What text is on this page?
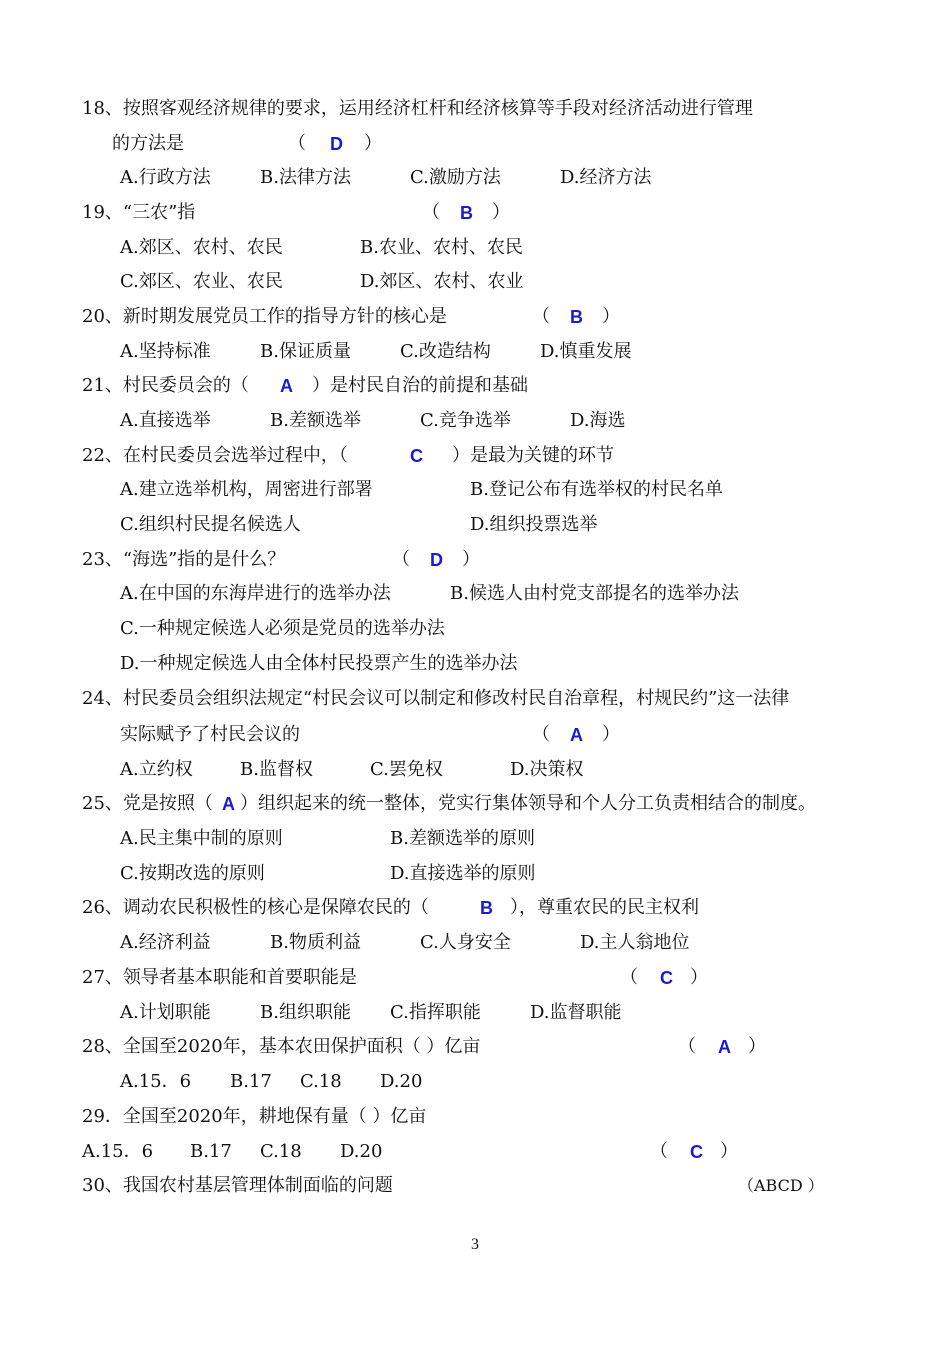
18、按照客观经济规律的要求，运用经济杠杆和经济核算等手段对经济活动进行管理
的方法是	（ D ）
A.行政方法	B.法律方法	C.激励方法	D.经济方法
19、“三农”指	（ B ）
A.郊区、农村、农民	B.农业、农村、农民
C.郊区、农业、农民	D.郊区、农村、农业
20、新时期发展党员工作的指导方针的核心是	（ B ）
A.坚持标准	B.保证质量	C.改造结构	D.慎重发展
21、村民委员会的（ A ）是村民自治的前提和基础
A.直接选举	B.差额选举	C.竞争选举	D.海选
22、在村民委员会选举过程中，（	C ）是最为关键的环节
A.建立选举机构，周密进行部署	B.登记公布有选举权的村民名单
C.组织村民提名候选人	D.组织投票选举
23、“海选”指的是什么？	（ D ）
A.在中国的东海岸进行的选举办法	B.候选人由村党支部提名的选举办法
C.一种规定候选人必须是党员的选举办法
D.一种规定候选人由全体村民投票产生的选举办法
24、村民委员会组织法规定“村民会议可以制定和修改村民自治章程，村规民约”这一法律
实际赋予了村民会议的	（ A ）
A.立约权	B.监督权	C.罢免权	D.决策权
25、党是按照（ A ）组织起来的统一整体，党实行集体领导和个人分工负责相结合的制度。
A.民主集中制的原则	B.差额选举的原则
C.按期改选的原则	D.直接选举的原则
26、调动农民积极性的核心是保障农民的（	B ），尊重农民的民主权利
A.经济利益	B.物质利益	C.人身安全	D.主人翁地位
27、领导者基本职能和首要职能是	（ C ）
A.计划职能	B.组织职能 C.指挥职能	D.监督职能
28、全国至2020年，基本农田保护面积（ ）亿亩	（ A ）
A.15．6 B.17 C.18 D.20
29．全国至2020年，耕地保有量（ ）亿亩
A.15．6 B.17 C.18 D.20	（ C ）
30、我国农村基层管理体制面临的问题	（ABCD ）
3
